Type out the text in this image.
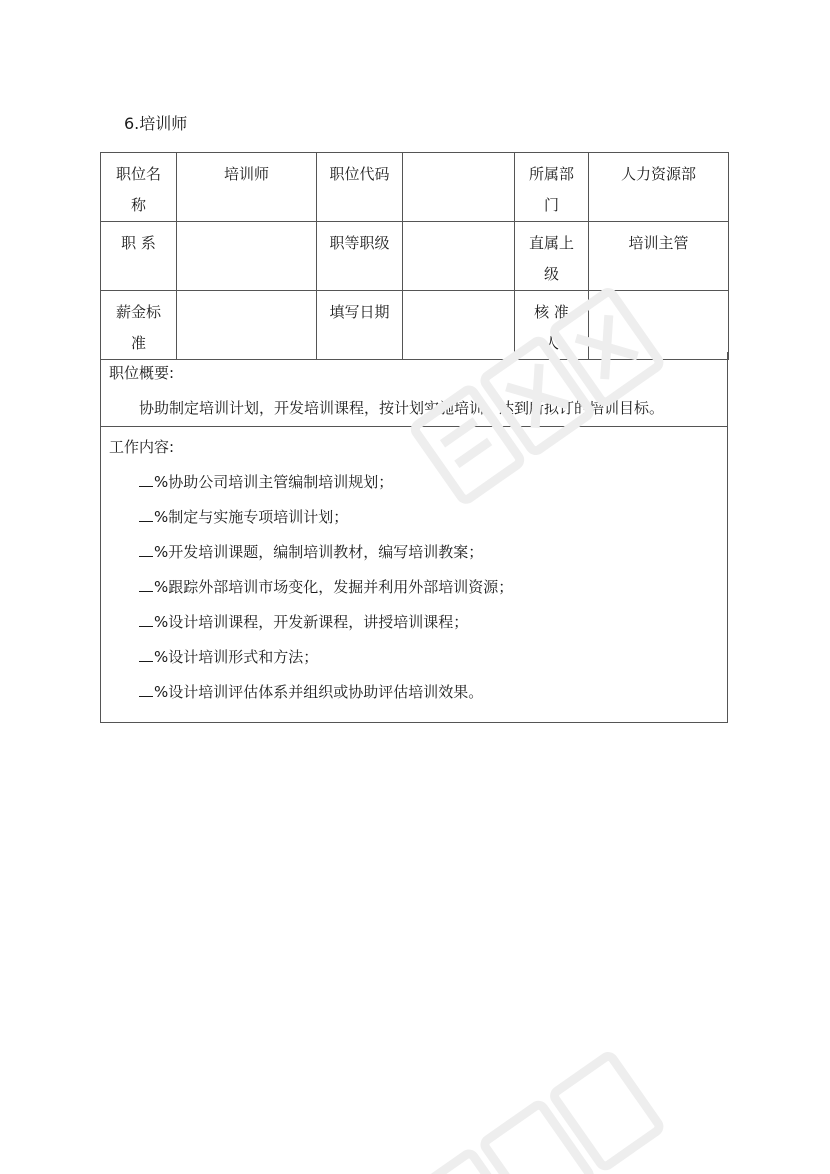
6.培训师
职位名称	培训师	职位代码		所属部门	人力资源部

职 系		职等职级		直属上级	培训主管

薪金标准		填写日期		核 准 人	

职位概要:
协助制定培训计划，开发培训课程，按计划实施培训，达到所拟订的培训目标。
工作内容:
%协助公司培训主管编制培训规划；
%制定与实施专项培训计划；
%开发培训课题，编制培训教材，编写培训教案；
%跟踪外部培训市场变化，发掘并利用外部培训资源；
%设计培训课程，开发新课程，讲授培训课程；
%设计培训形式和方法；
%设计培训评估体系并组织或协助评估培训效果。
